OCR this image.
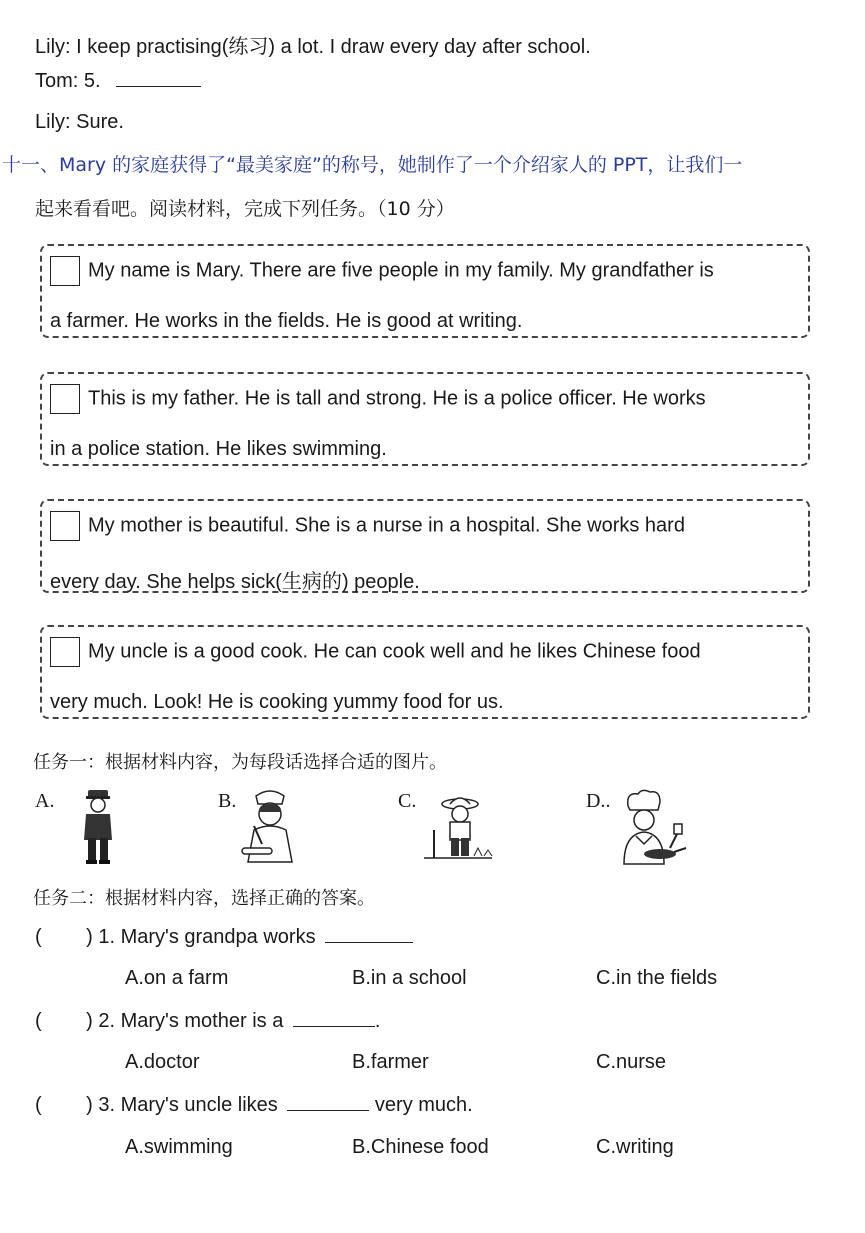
Lily: I keep practising(练习) a lot. I draw every day after school.
Tom: 5.
Lily: Sure.
十一、Mary 的家庭获得了“最美家庭”的称号，她制作了一个介绍家人的 PPT，让我们一
起来看看吧。阅读材料，完成下列任务。（10 分）
My name is Mary. There are five people in my family. My grandfather is
a farmer. He works in the fields. He is good at writing.
This is my father. He is tall and strong. He is a police officer. He works
in a police station. He likes swimming.
My mother is beautiful. She is a nurse in a hospital. She works hard
every day. She helps sick(生病的) people.
My uncle is a good cook. He can cook well and he likes Chinese food
very much. Look! He is cooking yummy food for us.
任务一：根据材料内容，为每段话选择合适的图片。
A.	B.	C.	D..
任务二：根据材料内容，选择正确的答案。
(        ) 1. Mary's grandpa works
A.on a farm	B.in a school	C.in the fields
(        ) 2. Mary's mother is a	.
A.doctor	B.farmer	C.nurse
(        ) 3. Mary's uncle likes	very much.
A.swimming	B.Chinese food	C.writing
